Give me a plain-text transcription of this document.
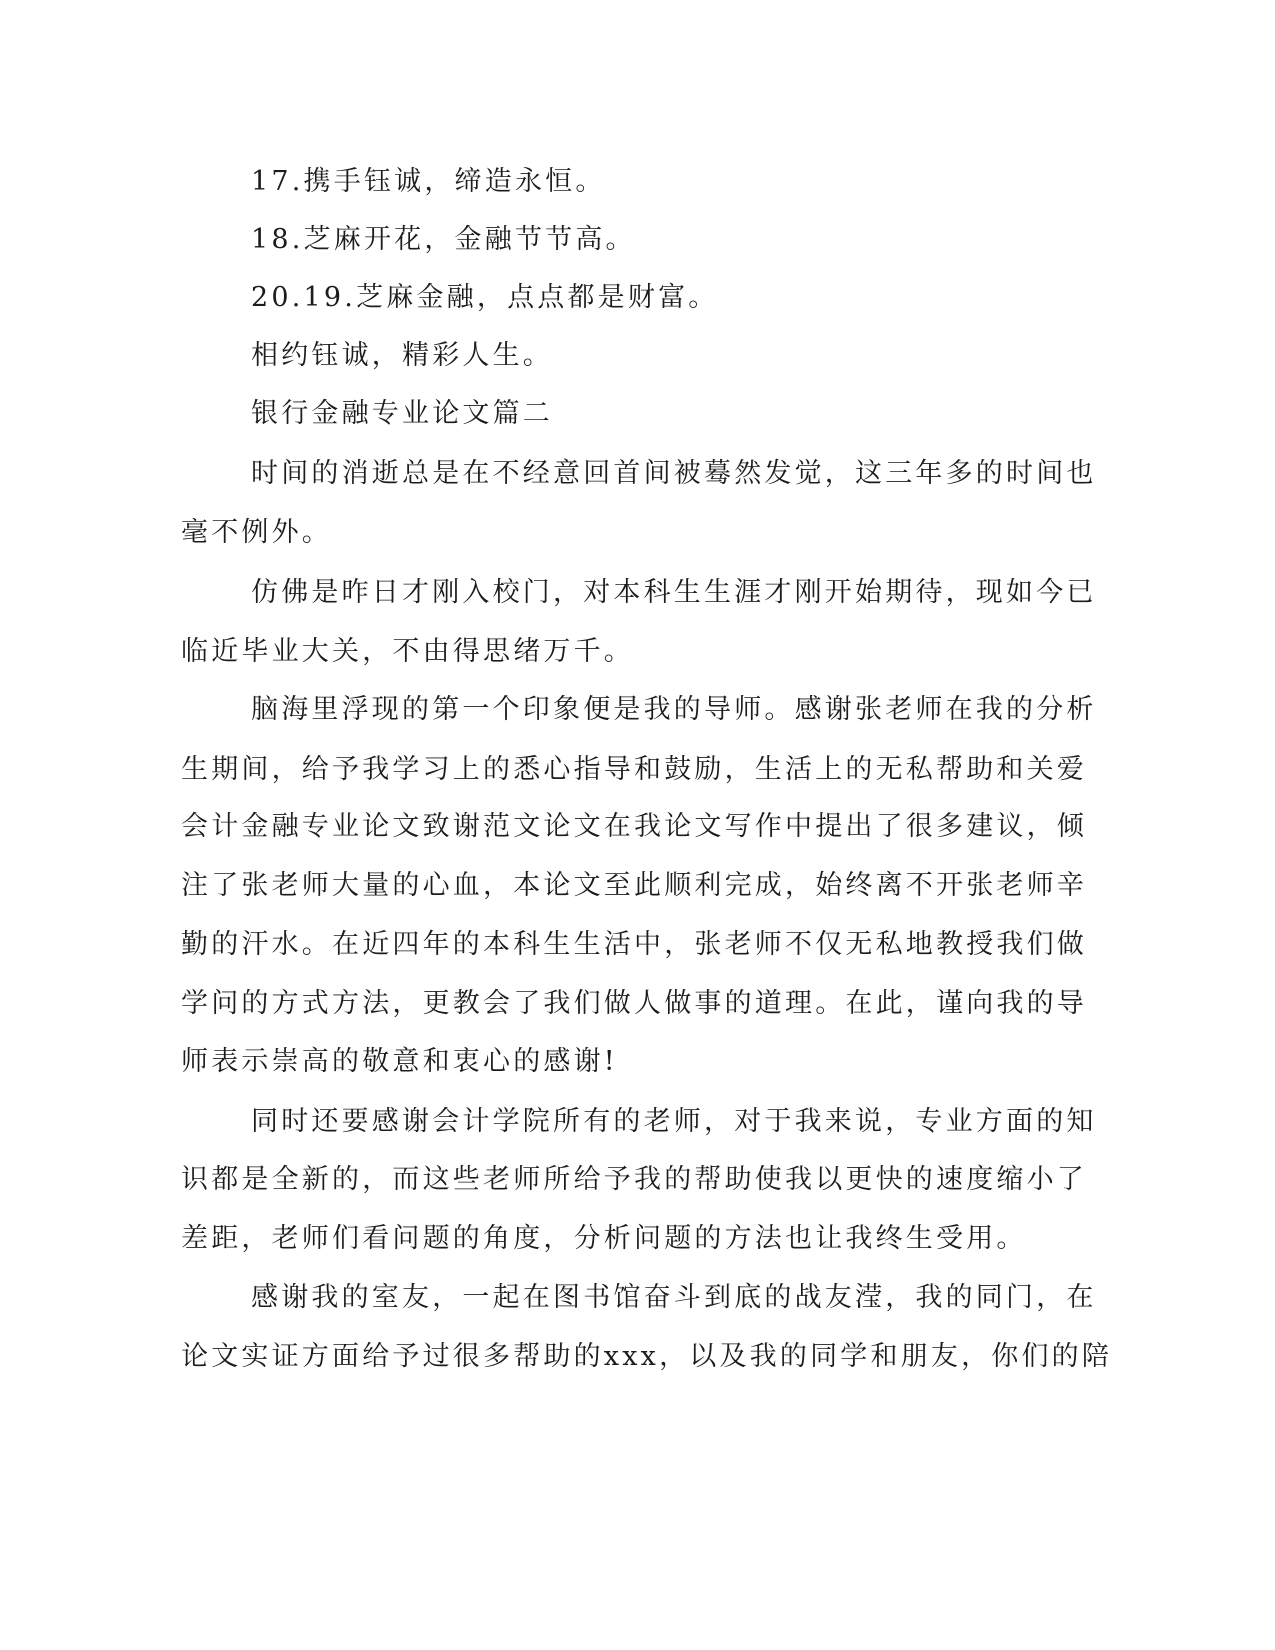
17.携手钰诚，缔造永恒。
18.芝麻开花，金融节节高。
20.19.芝麻金融，点点都是财富。
相约钰诚，精彩人生。
银行金融专业论文篇二
时间的消逝总是在不经意回首间被蓦然发觉，这三年多的时间也
毫不例外。
仿佛是昨日才刚入校门，对本科生生涯才刚开始期待，现如今已
临近毕业大关，不由得思绪万千。
脑海里浮现的第一个印象便是我的导师。感谢张老师在我的分析
生期间，给予我学习上的悉心指导和鼓励，生活上的无私帮助和关爱
会计金融专业论文致谢范文论文在我论文写作中提出了很多建议，倾
注了张老师大量的心血，本论文至此顺利完成，始终离不开张老师辛
勤的汗水。在近四年的本科生生活中，张老师不仅无私地教授我们做
学问的方式方法，更教会了我们做人做事的道理。在此，谨向我的导
师表示崇高的敬意和衷心的感谢!
同时还要感谢会计学院所有的老师，对于我来说，专业方面的知
识都是全新的，而这些老师所给予我的帮助使我以更快的速度缩小了
差距，老师们看问题的角度，分析问题的方法也让我终生受用。
感谢我的室友，一起在图书馆奋斗到底的战友滢，我的同门，在
论文实证方面给予过很多帮助的xxx，以及我的同学和朋友，你们的陪
